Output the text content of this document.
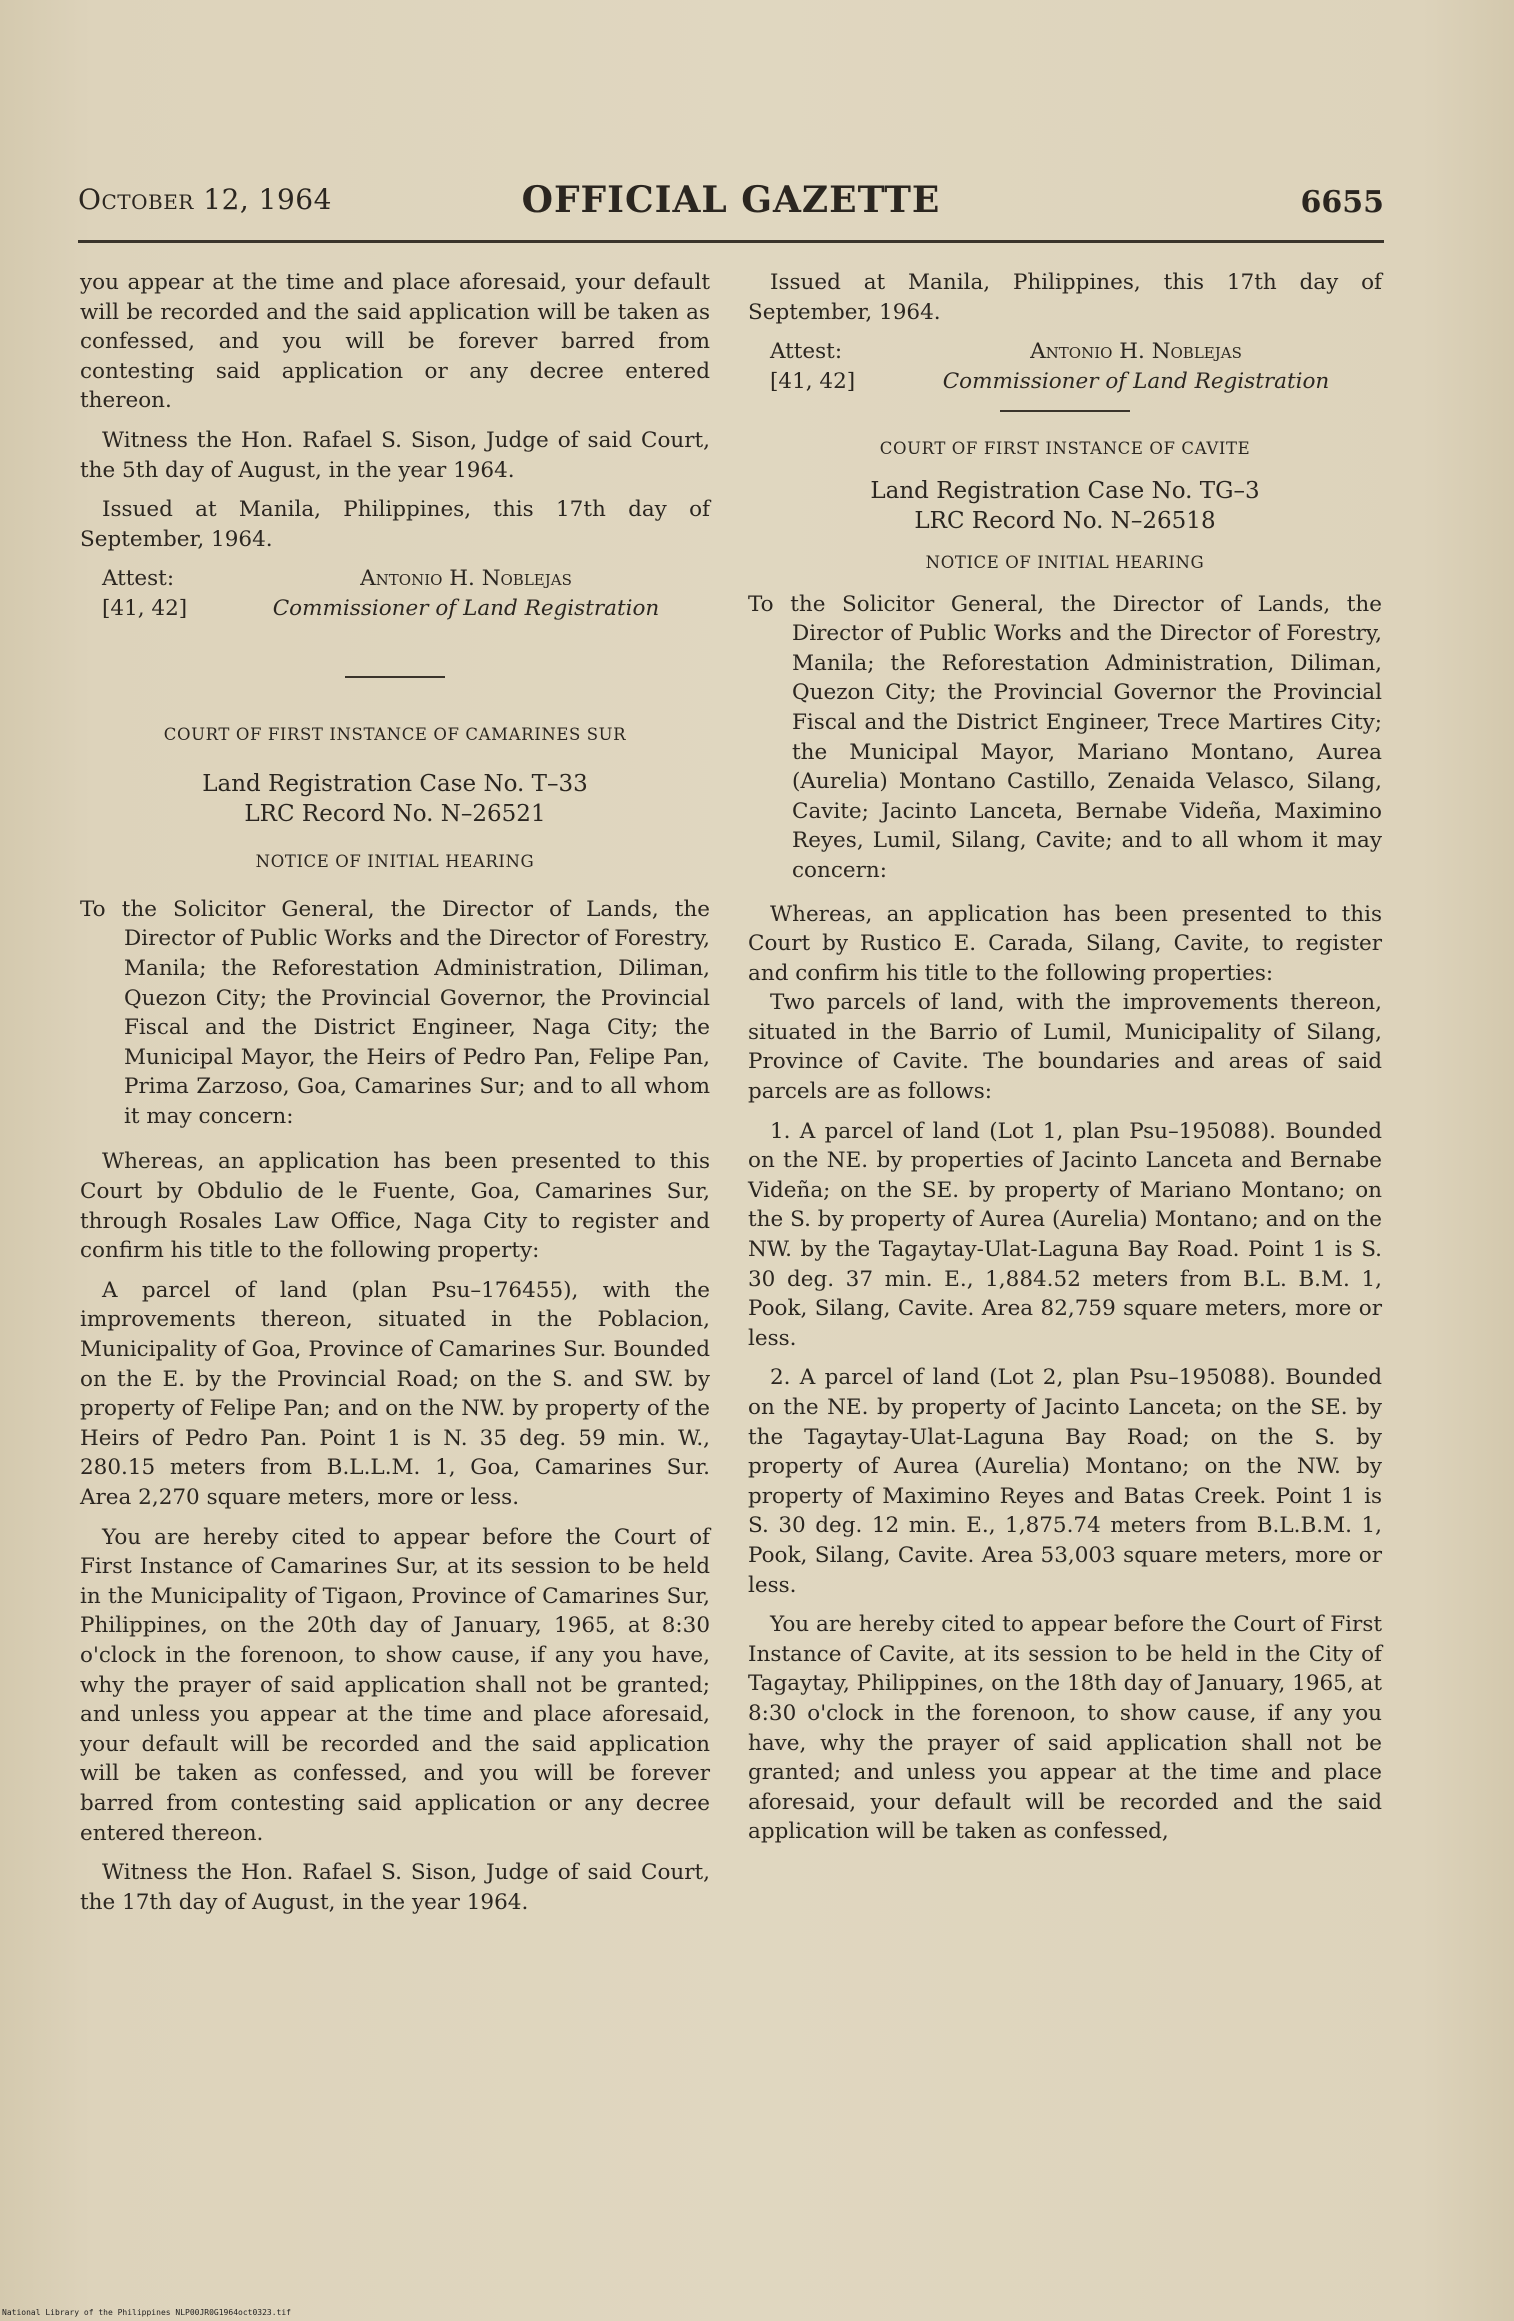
October 12, 1964	OFFICIAL GAZETTE	6655

you appear at the time and place aforesaid, your default will be recorded and the said application will be taken as confessed, and you will be forever barred from contesting said application or any decree entered thereon.

Witness the Hon. Rafael S. Sison, Judge of said Court, the 5th day of August, in the year 1964.

Issued at Manila, Philippines, this 17th day of September, 1964.

Attest:
[41, 42]
Antonio H. Noblejas
Commissioner of Land Registration
COURT OF FIRST INSTANCE OF CAMARINES SUR
Land Registration Case No. T–33
LRC Record No. N–26521
NOTICE OF INITIAL HEARING

To the Solicitor General, the Director of Lands, the Director of Public Works and the Director of Forestry, Manila; the Reforestation Administration, Diliman, Quezon City; the Provincial Governor, the Provincial Fiscal and the District Engineer, Naga City; the Municipal Mayor, the Heirs of Pedro Pan, Felipe Pan, Prima Zarzoso, Goa, Camarines Sur; and to all whom it may concern:

Whereas, an application has been presented to this Court by Obdulio de le Fuente, Goa, Camarines Sur, through Rosales Law Office, Naga City to register and confirm his title to the following property:

A parcel of land (plan Psu–176455), with the improvements thereon, situated in the Poblacion, Municipality of Goa, Province of Camarines Sur. Bounded on the E. by the Provincial Road; on the S. and SW. by property of Felipe Pan; and on the NW. by property of the Heirs of Pedro Pan. Point 1 is N. 35 deg. 59 min. W., 280.15 meters from B.L.L.M. 1, Goa, Camarines Sur. Area 2,270 square meters, more or less.

You are hereby cited to appear before the Court of First Instance of Camarines Sur, at its session to be held in the Municipality of Tigaon, Province of Camarines Sur, Philippines, on the 20th day of January, 1965, at 8:30 o'clock in the forenoon, to show cause, if any you have, why the prayer of said application shall not be granted; and unless you appear at the time and place aforesaid, your default will be recorded and the said application will be taken as confessed, and you will be forever barred from contesting said application or any decree entered thereon.

Witness the Hon. Rafael S. Sison, Judge of said Court, the 17th day of August, in the year 1964.

Issued at Manila, Philippines, this 17th day of September, 1964.

Attest:
[41, 42]
Antonio H. Noblejas
Commissioner of Land Registration
COURT OF FIRST INSTANCE OF CAVITE
Land Registration Case No. TG–3
LRC Record No. N–26518
NOTICE OF INITIAL HEARING

To the Solicitor General, the Director of Lands, the Director of Public Works and the Director of Forestry, Manila; the Reforestation Administration, Diliman, Quezon City; the Provincial Governor the Provincial Fiscal and the District Engineer, Trece Martires City; the Municipal Mayor, Mariano Montano, Aurea (Aurelia) Montano Castillo, Zenaida Velasco, Silang, Cavite; Jacinto Lanceta, Bernabe Videña, Maximino Reyes, Lumil, Silang, Cavite; and to all whom it may concern:

Whereas, an application has been presented to this Court by Rustico E. Carada, Silang, Cavite, to register and confirm his title to the following properties:

Two parcels of land, with the improvements thereon, situated in the Barrio of Lumil, Municipality of Silang, Province of Cavite. The boundaries and areas of said parcels are as follows:

1. A parcel of land (Lot 1, plan Psu–195088). Bounded on the NE. by properties of Jacinto Lanceta and Bernabe Videña; on the SE. by property of Mariano Montano; on the S. by property of Aurea (Aurelia) Montano; and on the NW. by the Tagaytay-Ulat-Laguna Bay Road. Point 1 is S. 30 deg. 37 min. E., 1,884.52 meters from B.L. B.M. 1, Pook, Silang, Cavite. Area 82,759 square meters, more or less.

2. A parcel of land (Lot 2, plan Psu–195088). Bounded on the NE. by property of Jacinto Lanceta; on the SE. by the Tagaytay-Ulat-Laguna Bay Road; on the S. by property of Aurea (Aurelia) Montano; on the NW. by property of Maximino Reyes and Batas Creek. Point 1 is S. 30 deg. 12 min. E., 1,875.74 meters from B.L.B.M. 1, Pook, Silang, Cavite. Area 53,003 square meters, more or less.

You are hereby cited to appear before the Court of First Instance of Cavite, at its session to be held in the City of Tagaytay, Philippines, on the 18th day of January, 1965, at 8:30 o'clock in the forenoon, to show cause, if any you have, why the prayer of said application shall not be granted; and unless you appear at the time and place aforesaid, your default will be recorded and the said application will be taken as confessed,

National Library of the Philippines NLP00JR0G1964oct0323.tif
